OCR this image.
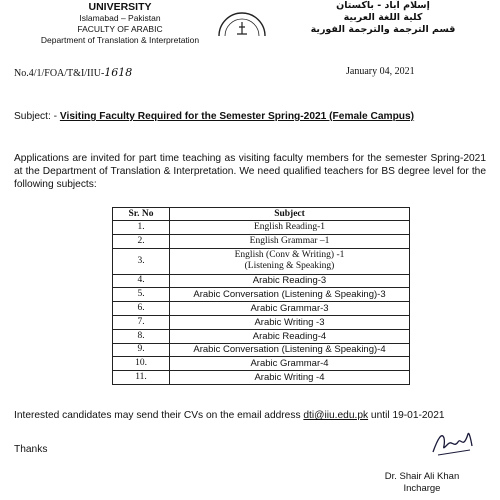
UNIVERSITY
Islamabad – Pakistan
FACULTY OF ARABIC
Department of Translation & Interpretation
إسلام آباد - باكستان
كلية اللغة العربية
قسم الترجمة والترجمة الفورية
No.4/1/FOA/T&I/IIU-1618	January 04, 2021
Subject: - Visiting Faculty Required for the Semester Spring-2021 (Female Campus)
Applications are invited for part time teaching as visiting faculty members for the semester Spring-2021 at the Department of Translation & Interpretation. We need qualified teachers for BS degree level for the following subjects:
Sr. No	Subject
1.	English Reading-1
2.	English Grammar –1
3.	English (Conv & Writing) -1
(Listening & Speaking)

4.	Arabic Reading-3
5.	Arabic Conversation (Listening & Speaking)-3
6.	Arabic Grammar-3
7.	Arabic Writing -3
8.	Arabic Reading-4
9.	Arabic Conversation (Listening & Speaking)-4
10.	Arabic Grammar-4
11.	Arabic Writing -4
Interested candidates may send their CVs on the email address dti@iiu.edu.pk until 19-01-2021
Thanks
Dr. Shair Ali Khan
Incharge
